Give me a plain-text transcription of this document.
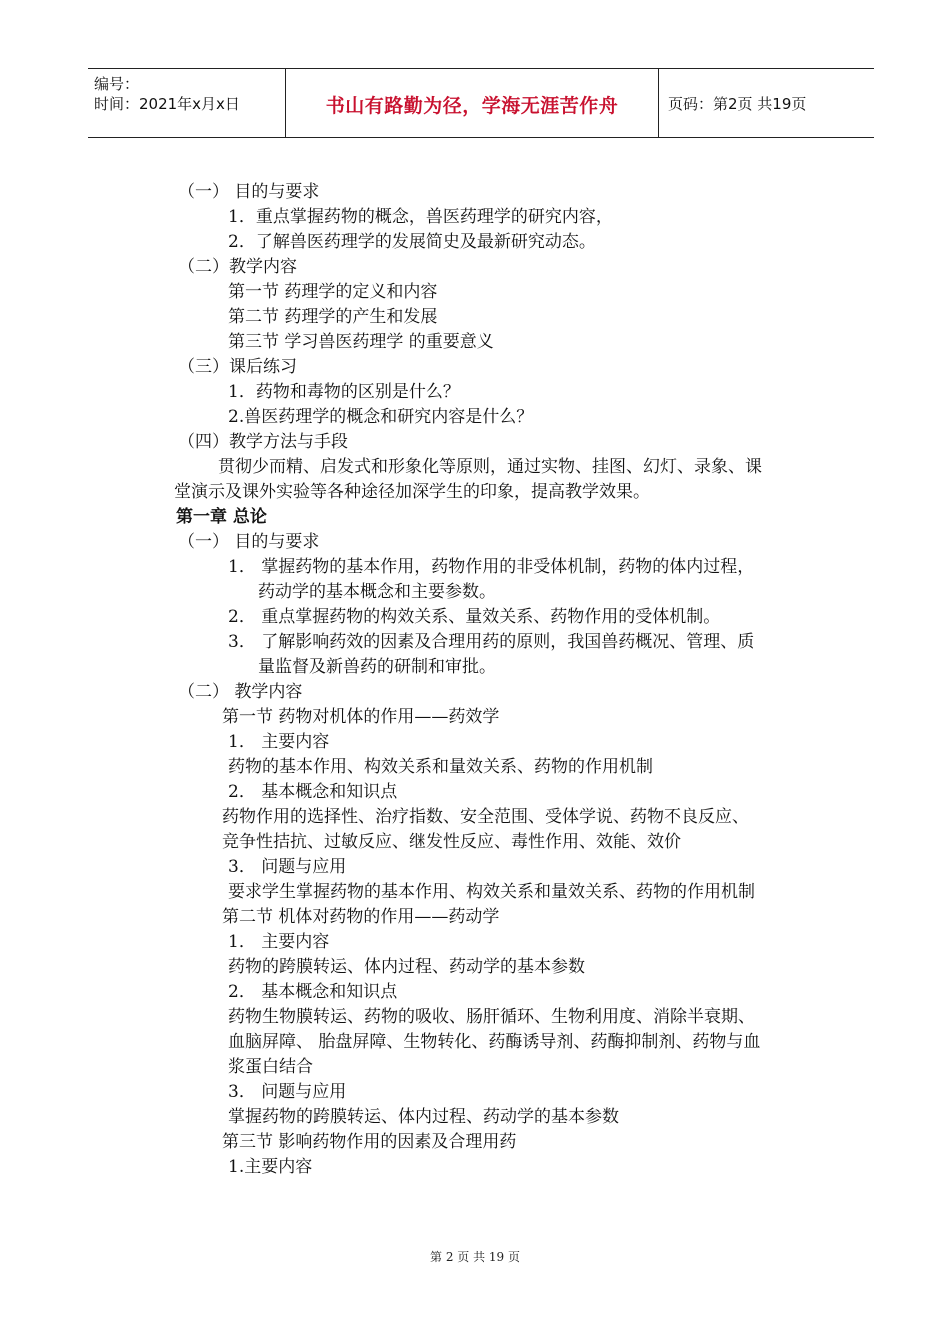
编号：
时间：2021年x月x日	书山有路勤为径，学海无涯苦作舟	页码：第2页 共19页
（一） 目的与要求
1．重点掌握药物的概念，兽医药理学的研究内容，
2．了解兽医药理学的发展简史及最新研究动态。
（二）教学内容
第一节 药理学的定义和内容
第二节 药理学的产生和发展
第三节 学习兽医药理学 的重要意义
（三）课后练习
1．药物和毒物的区别是什么？
2.兽医药理学的概念和研究内容是什么？
（四）教学方法与手段
贯彻少而精、启发式和形象化等原则，通过实物、挂图、幻灯、录象、课
堂演示及课外实验等各种途径加深学生的印象，提高教学效果。
第一章 总论
（一） 目的与要求
1． 掌握药物的基本作用，药物作用的非受体机制，药物的体内过程，
药动学的基本概念和主要参数。
2． 重点掌握药物的构效关系、量效关系、药物作用的受体机制。
3． 了解影响药效的因素及合理用药的原则，我国兽药概况、管理、质
量监督及新兽药的研制和审批。
（二） 教学内容
第一节 药物对机体的作用——药效学
1． 主要内容
药物的基本作用、构效关系和量效关系、药物的作用机制
2． 基本概念和知识点
药物作用的选择性、治疗指数、安全范围、受体学说、药物不良反应、
竞争性拮抗、过敏反应、继发性反应、毒性作用、效能、效价
3． 问题与应用
要求学生掌握药物的基本作用、构效关系和量效关系、药物的作用机制
第二节 机体对药物的作用——药动学
1． 主要内容
药物的跨膜转运、体内过程、药动学的基本参数
2． 基本概念和知识点
药物生物膜转运、药物的吸收、肠肝循环、生物利用度、消除半衰期、
血脑屏障、 胎盘屏障、生物转化、药酶诱导剂、药酶抑制剂、药物与血
浆蛋白结合
3． 问题与应用
掌握药物的跨膜转运、体内过程、药动学的基本参数
第三节 影响药物作用的因素及合理用药
1.主要内容
第 2 页 共 19 页
